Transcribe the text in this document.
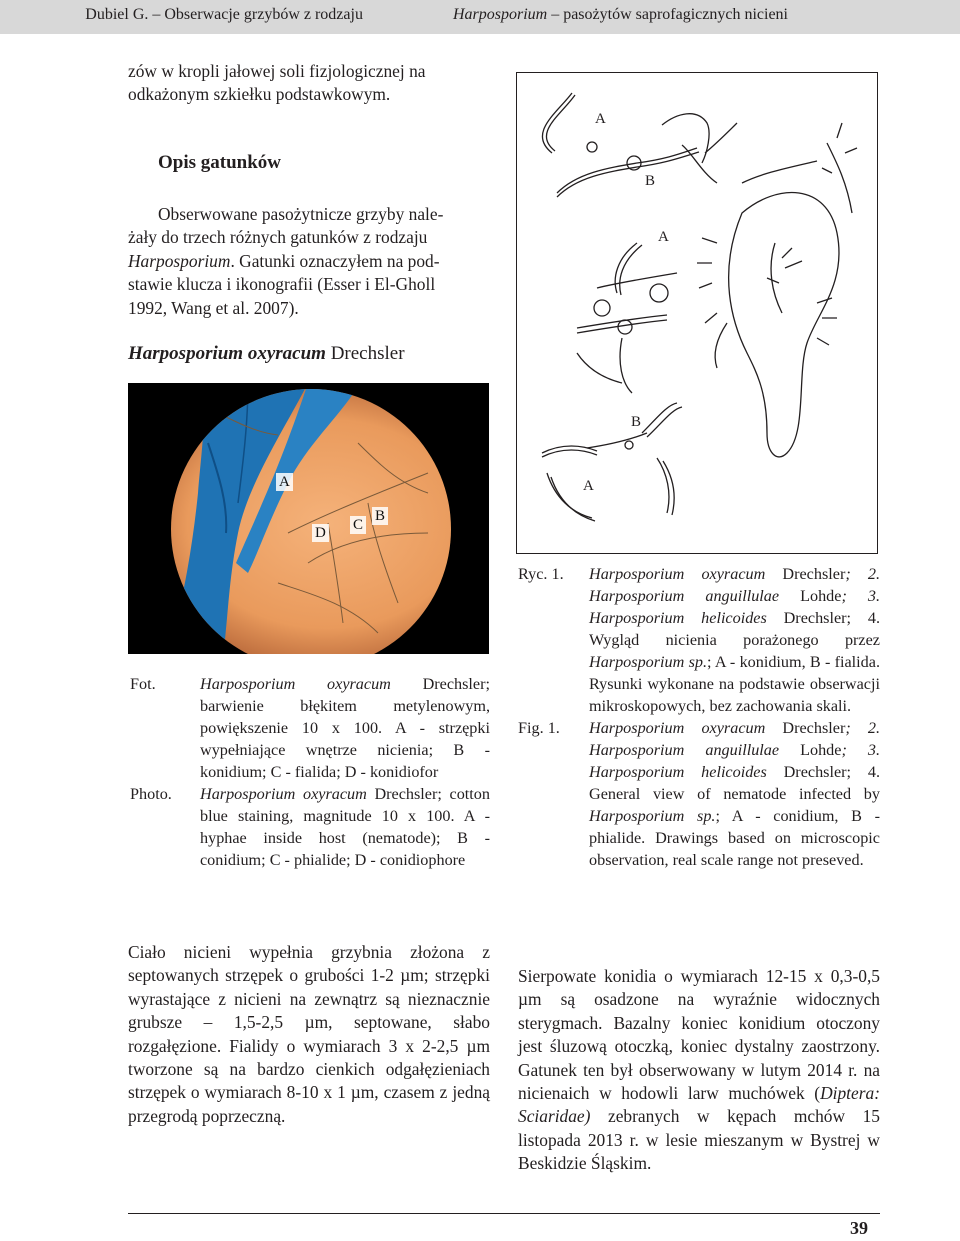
Dubiel G. – Obserwacje grzybów z rodzaju	Harposporium – pasożytów saprofagicznych nicieni

zów w kropli jałowej soli fizjologicznej na

odkażonym szkiełku podstawkowym.

Opis gatunków

Obserwowane pasożytnicze grzyby nale-

żały do trzech różnych gatunków z rodzaju

Harposporium. Gatunki oznaczyłem na pod-

stawie klucza i ikonografii (Esser i El-Gholl

1992, Wang et al. 2007).

Harposporium oxyracum Drechsler
A
B
C
D
Fot.	Harposporium oxyracum Drechsler; barwienie błękitem metylenowym, powiększenie 10 x 100. A - strzępki wypełniające wnętrze nicienia; B - konidium; C - fialida; D - konidiofor
Photo.	Harposporium oxyracum Drechsler; cotton blue staining, magnitude 10 x 100. A - hyphae inside host (nematode); B - conidium; C - phialide; D - conidiophore
A
B
A
B
A
Ryc. 1.	Harposporium oxyracum Drechsler; 2. Harposporium anguillulae Lohde; 3. Harposporium helicoides Drechsler; 4. Wygląd nicienia porażonego przez Harposporium sp.; A - konidium, B - fialida. Rysunki wykonane na podstawie obserwacji mikroskopowych, bez zachowania skali.
Fig. 1.	Harposporium oxyracum Drechsler; 2. Harposporium anguillulae Lohde; 3. Harposporium helicoides Drechsler; 4. General view of nematode infected by Harposporium sp.; A - conidium, B - phialide. Drawings based on microscopic observation, real scale range not preseved.

Ciało nicieni wypełnia grzybnia złożona z septowanych strzępek o grubości 1-2 µm; strzępki wyrastające z nicieni na zewnątrz są nieznacznie grubsze – 1,5-2,5 µm, septowane, słabo rozgałęzione. Fialidy o wymiarach 3 x 2-2,5 µm tworzone są na bardzo cienkich odgałęzieniach strzępek o wymiarach 8-10 x 1 µm, czasem z jedną przegrodą poprzeczną.

Sierpowate konidia o wymiarach 12-15 x 0,3-0,5 µm są osadzone na wyraźnie widocznych sterygmach. Bazalny koniec konidium otoczony jest śluzową otoczką, koniec dystalny zaostrzony. Gatunek ten był obserwowany w lutym 2014 r. na nicienaich w hodowli larw muchówek (Diptera: Sciaridae) zebranych w kępach mchów 15 listopada 2013 r. w lesie mieszanym w Bystrej w Beskidzie Śląskim.

39
